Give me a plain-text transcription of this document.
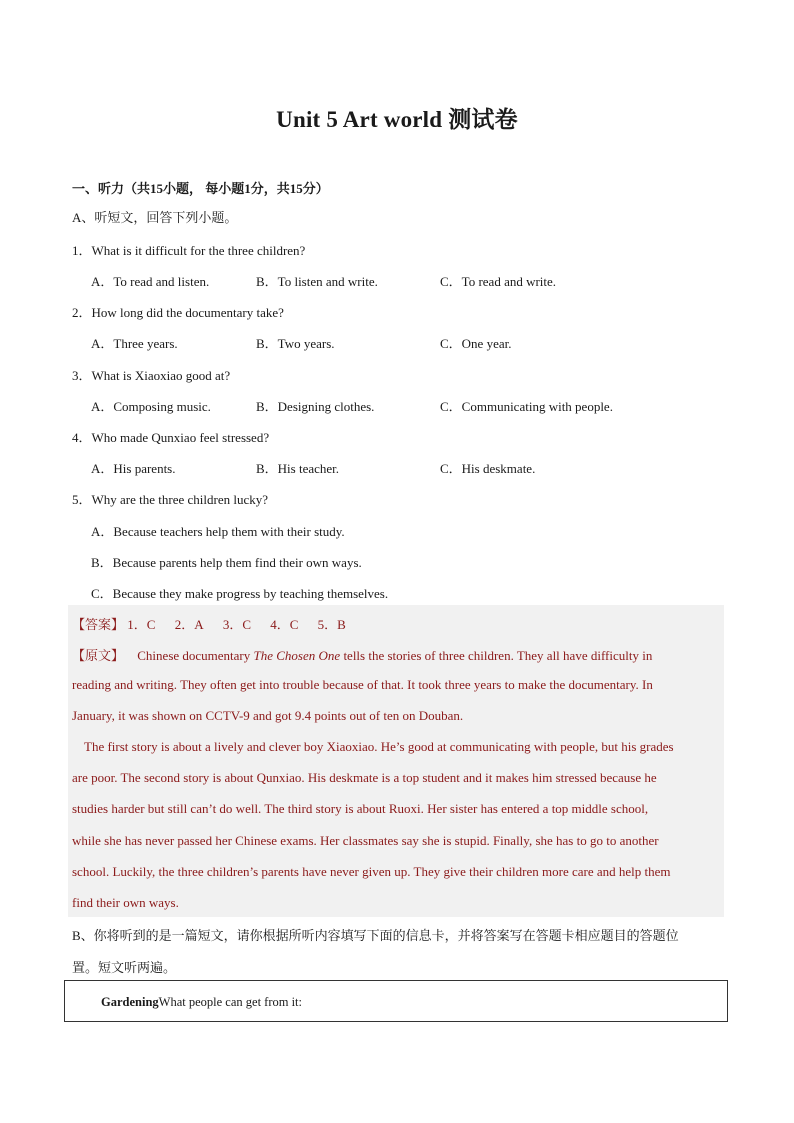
Unit 5 Art world 测试卷
一、听力（共15小题， 每小题1分，共15分）
A、听短文，回答下列小题。
1．What is it difficult for the three children?
A．To read and listen.	B．To listen and write.	C．To read and write.
2．How long did the documentary take?
A．Three years.	B．Two years.	C．One year.
3．What is Xiaoxiao good at?
A．Composing music.	B．Designing clothes.	C．Communicating with people.
4．Who made Qunxiao feel stressed?
A．His parents.	B．His teacher.	C．His deskmate.
5．Why are the three children lucky?
A．Because teachers help them with their study.
B．Because parents help them find their own ways.
C．Because they make progress by teaching themselves.
【答案】 1．C 2．A 3．C 4．C 5．B
【原文】 Chinese documentary The Chosen One tells the stories of three children. They all have difficulty in
reading and writing. They often get into trouble because of that. It took three years to make the documentary. In
January, it was shown on CCTV-9 and got 9.4 points out of ten on Douban.
The first story is about a lively and clever boy Xiaoxiao. He’s good at communicating with people, but his grades
are poor. The second story is about Qunxiao. His deskmate is a top student and it makes him stressed because he
studies harder but still can’t do well. The third story is about Ruoxi. Her sister has entered a top middle school,
while she has never passed her Chinese exams. Her classmates say she is stupid. Finally, she has to go to another
school. Luckily, the three children’s parents have never given up. They give their children more care and help them
find their own ways.
B、你将听到的是一篇短文，请你根据所听内容填写下面的信息卡，并将答案写在答题卡相应题目的答题位
置。短文听两遍。
GardeningWhat people can get from it:
